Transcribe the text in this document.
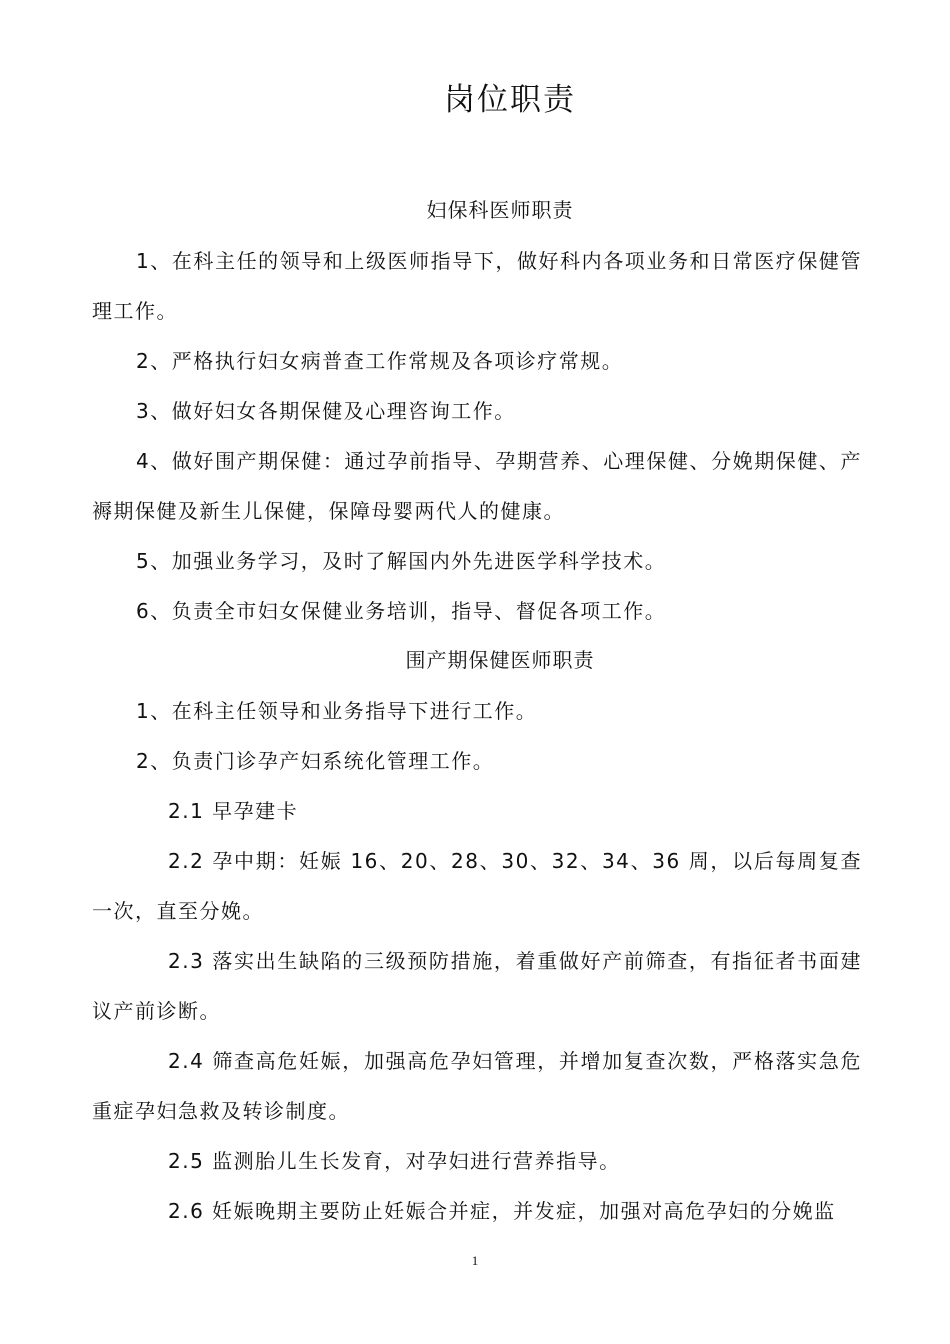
岗位职责
妇保科医师职责
1、在科主任的领导和上级医师指导下，做好科内各项业务和日常医疗保健管理工作。
2、严格执行妇女病普查工作常规及各项诊疗常规。
3、做好妇女各期保健及心理咨询工作。
4、做好围产期保健：通过孕前指导、孕期营养、心理保健、分娩期保健、产褥期保健及新生儿保健，保障母婴两代人的健康。
5、加强业务学习，及时了解国内外先进医学科学技术。
6、负责全市妇女保健业务培训，指导、督促各项工作。
围产期保健医师职责
1、在科主任领导和业务指导下进行工作。
2、负责门诊孕产妇系统化管理工作。
2.1 早孕建卡
2.2 孕中期：妊娠 16、20、28、30、32、34、36 周，以后每周复查一次，直至分娩。
2.3 落实出生缺陷的三级预防措施，着重做好产前筛查，有指征者书面建议产前诊断。
2.4 筛查高危妊娠，加强高危孕妇管理，并增加复查次数，严格落实急危重症孕妇急救及转诊制度。
2.5 监测胎儿生长发育，对孕妇进行营养指导。
2.6 妊娠晚期主要防止妊娠合并症，并发症，加强对高危孕妇的分娩监
1
